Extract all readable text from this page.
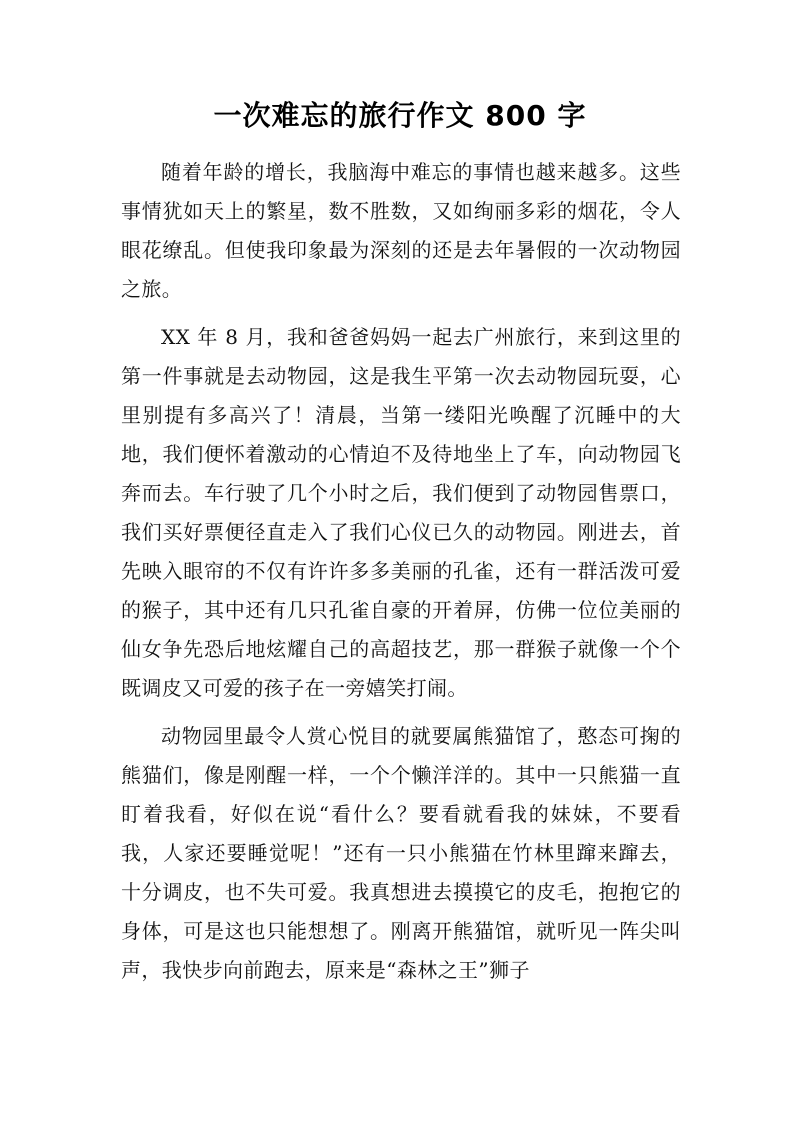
一次难忘的旅行作文 800 字

随着年龄的增长，我脑海中难忘的事情也越来越多。这些事情犹如天上的繁星，数不胜数，又如绚丽多彩的烟花，令人眼花缭乱。但使我印象最为深刻的还是去年暑假的一次动物园之旅。

XX 年 8 月，我和爸爸妈妈一起去广州旅行，来到这里的第一件事就是去动物园，这是我生平第一次去动物园玩耍，心里别提有多高兴了！清晨，当第一缕阳光唤醒了沉睡中的大地，我们便怀着激动的心情迫不及待地坐上了车，向动物园飞奔而去。车行驶了几个小时之后，我们便到了动物园售票口，我们买好票便径直走入了我们心仪已久的动物园。刚进去，首先映入眼帘的不仅有许许多多美丽的孔雀，还有一群活泼可爱的猴子，其中还有几只孔雀自豪的开着屏，仿佛一位位美丽的仙女争先恐后地炫耀自己的高超技艺，那一群猴子就像一个个既调皮又可爱的孩子在一旁嬉笑打闹。

动物园里最令人赏心悦目的就要属熊猫馆了，憨态可掬的熊猫们，像是刚醒一样，一个个懒洋洋的。其中一只熊猫一直盯着我看，好似在说“看什么？要看就看我的妹妹，不要看我，人家还要睡觉呢！”还有一只小熊猫在竹林里蹿来蹿去，十分调皮，也不失可爱。我真想进去摸摸它的皮毛，抱抱它的身体，可是这也只能想想了。刚离开熊猫馆，就听见一阵尖叫声，我快步向前跑去，原来是“森林之王”狮子
